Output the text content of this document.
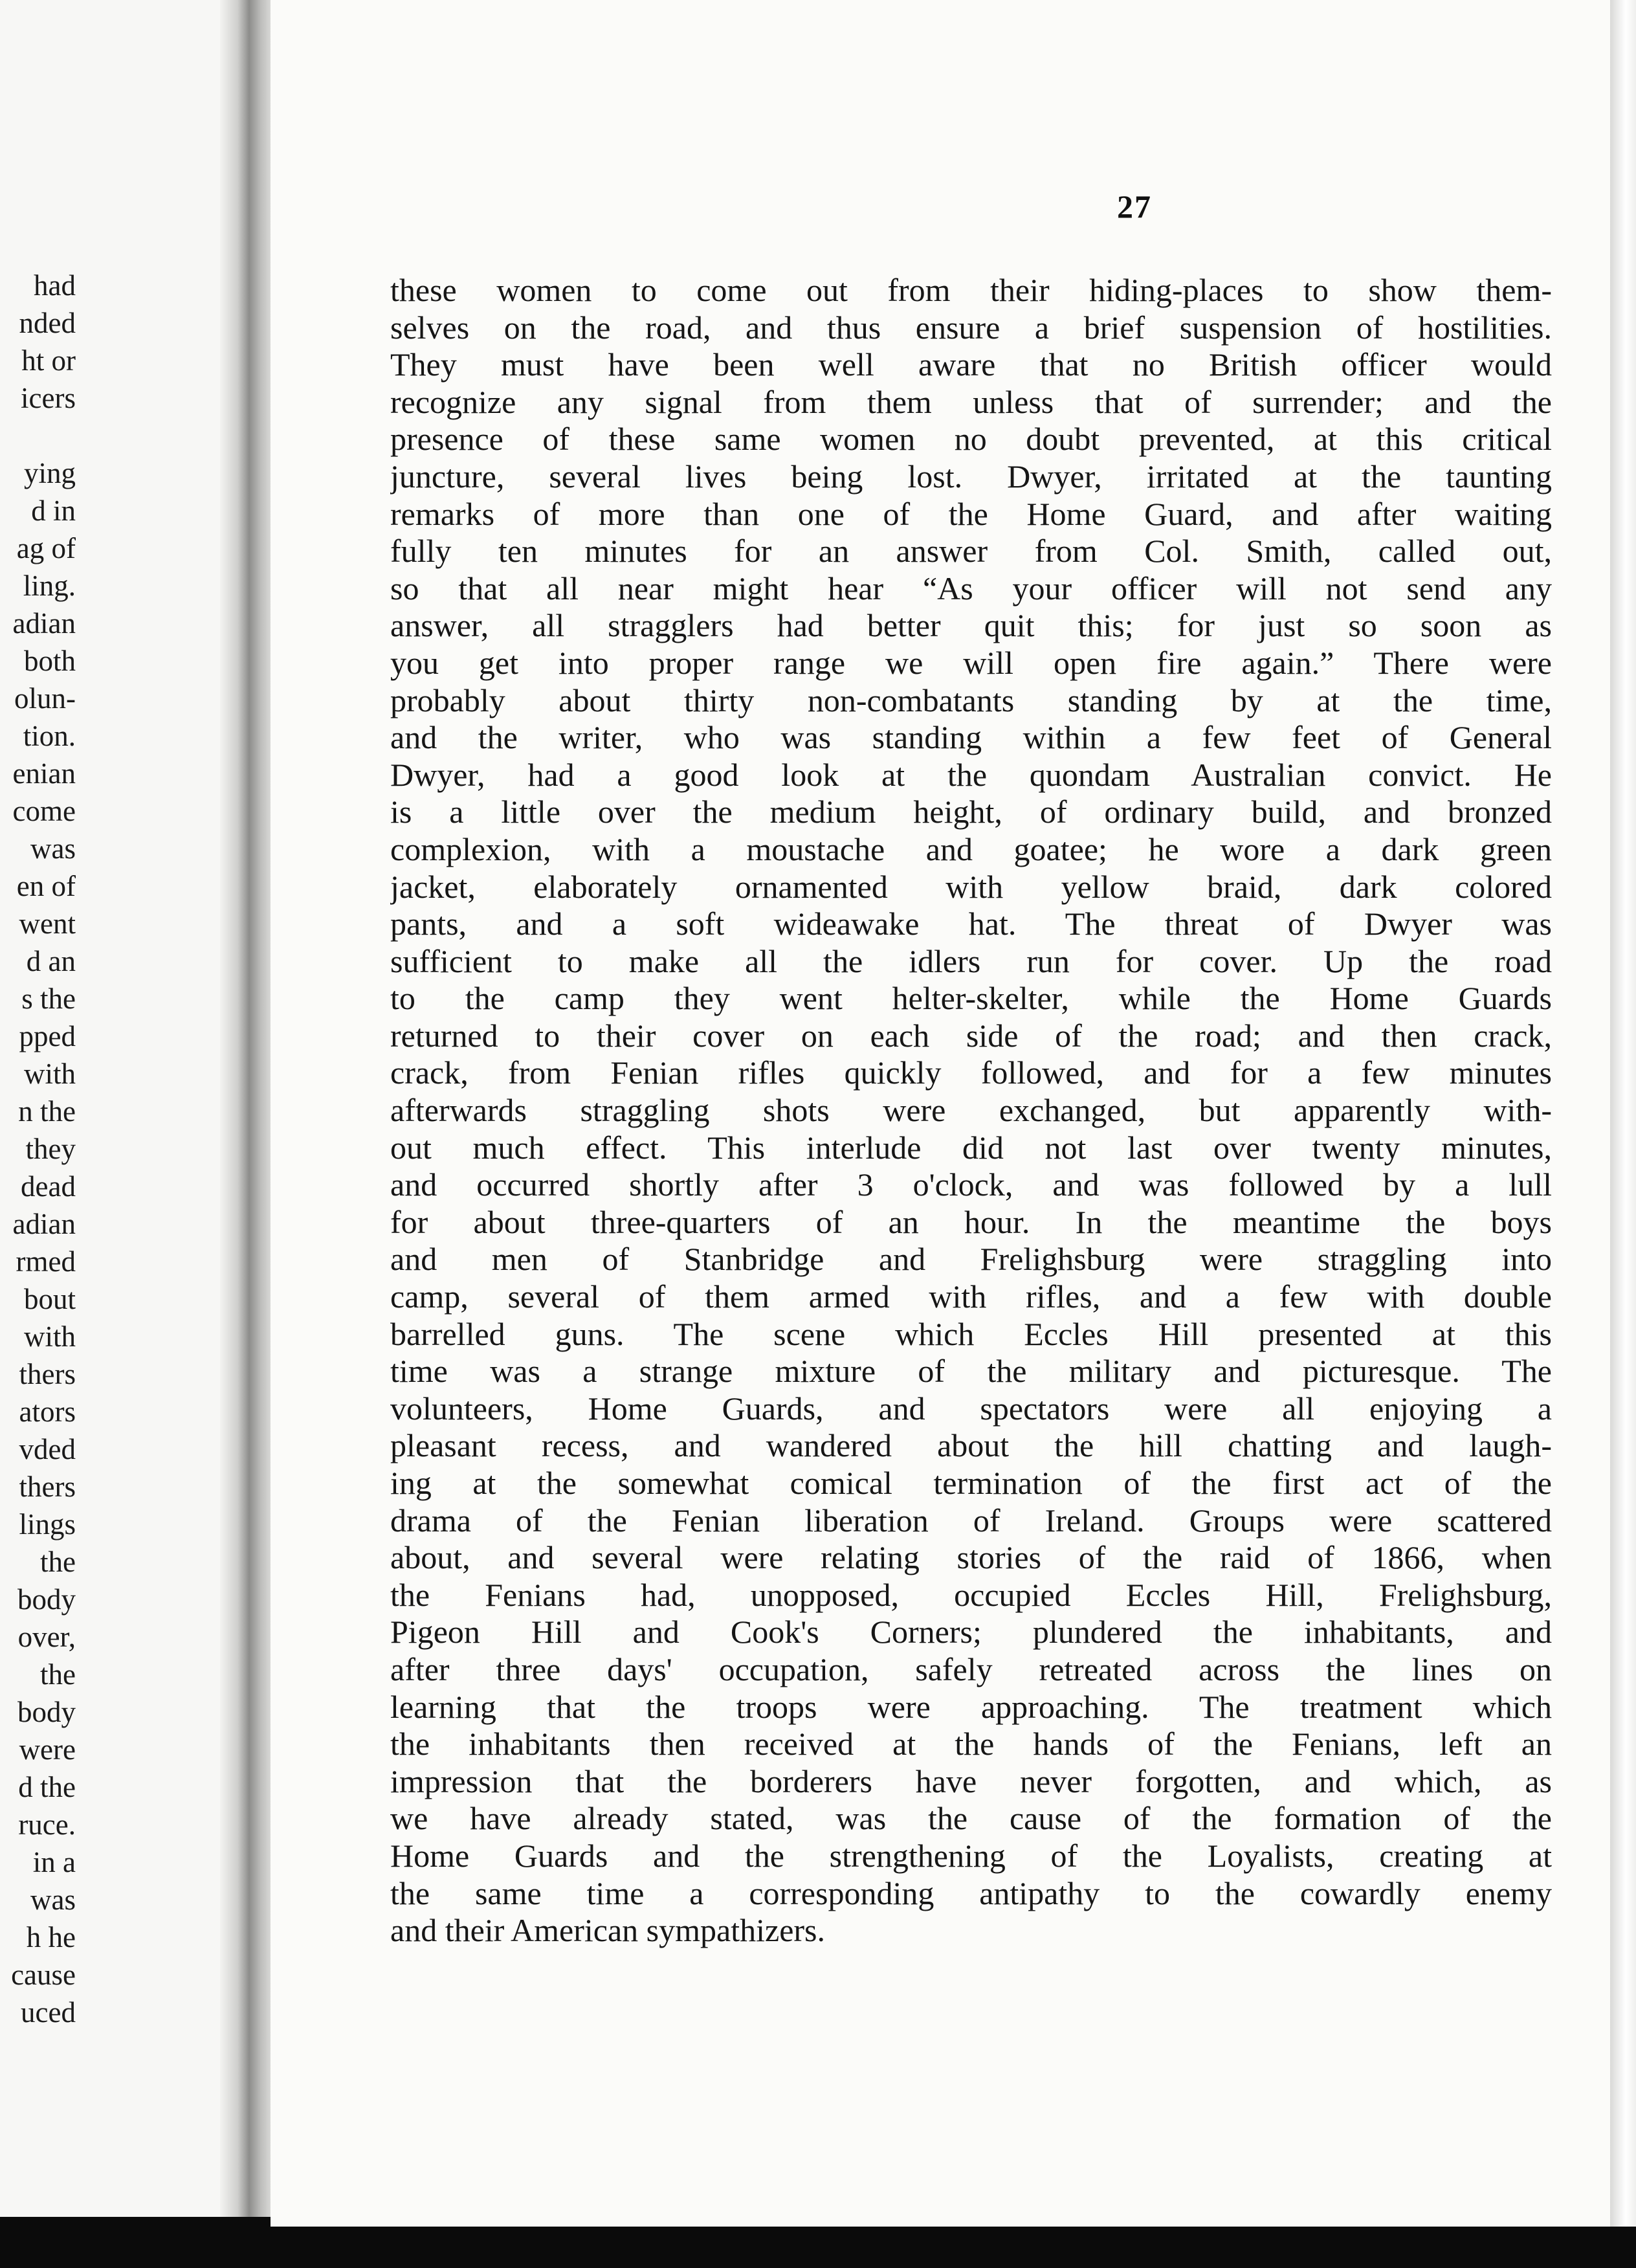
had
nded
ht or
icers
ying
d in
ag of
ling.
adian
both
olun-
tion.
enian
come
was
en of
went
d an
s the
pped
with
n the
they
dead
adian
rmed
bout
with
thers
ators
vded
thers
lings
the
body
over,
the
body
were
d the
ruce.
in a
was
h he
cause
uced

27

these women to come out from their hiding-places to show them-
selves on the road, and thus ensure a brief suspension of hostilities.
They must have been well aware that no British officer would
recognize any signal from them unless that of surrender; and the
presence of these same women no doubt prevented, at this critical
juncture, several lives being lost. Dwyer, irritated at the taunting
remarks of more than one of the Home Guard, and after waiting
fully ten minutes for an answer from Col. Smith, called out,
so that all near might hear “As your officer will not send any
answer, all stragglers had better quit this; for just so soon as
you get into proper range we will open fire again.” There were
probably about thirty non-combatants standing by at the time,
and the writer, who was standing within a few feet of General
Dwyer, had a good look at the quondam Australian convict. He
is a little over the medium height, of ordinary build, and bronzed
complexion, with a moustache and goatee; he wore a dark green
jacket, elaborately ornamented with yellow braid, dark colored
pants, and a soft wideawake hat. The threat of Dwyer was
sufficient to make all the idlers run for cover. Up the road
to the camp they went helter-skelter, while the Home Guards
returned to their cover on each side of the road; and then crack,
crack, from Fenian rifles quickly followed, and for a few minutes
afterwards straggling shots were exchanged, but apparently with-
out much effect. This interlude did not last over twenty minutes,
and occurred shortly after 3 o'clock, and was followed by a lull
for about three-quarters of an hour. In the meantime the boys
and men of Stanbridge and Frelighsburg were straggling into
camp, several of them armed with rifles, and a few with double
barrelled guns. The scene which Eccles Hill presented at this
time was a strange mixture of the military and picturesque. The
volunteers, Home Guards, and spectators were all enjoying a
pleasant recess, and wandered about the hill chatting and laugh-
ing at the somewhat comical termination of the first act of the
drama of the Fenian liberation of Ireland. Groups were scattered
about, and several were relating stories of the raid of 1866, when
the Fenians had, unopposed, occupied Eccles Hill, Frelighsburg,
Pigeon Hill and Cook's Corners; plundered the inhabitants, and
after three days' occupation, safely retreated across the lines on
learning that the troops were approaching. The treatment which
the inhabitants then received at the hands of the Fenians, left an
impression that the borderers have never forgotten, and which, as
we have already stated, was the cause of the formation of the
Home Guards and the strengthening of the Loyalists, creating at
the same time a corresponding antipathy to the cowardly enemy
and their American sympathizers.
